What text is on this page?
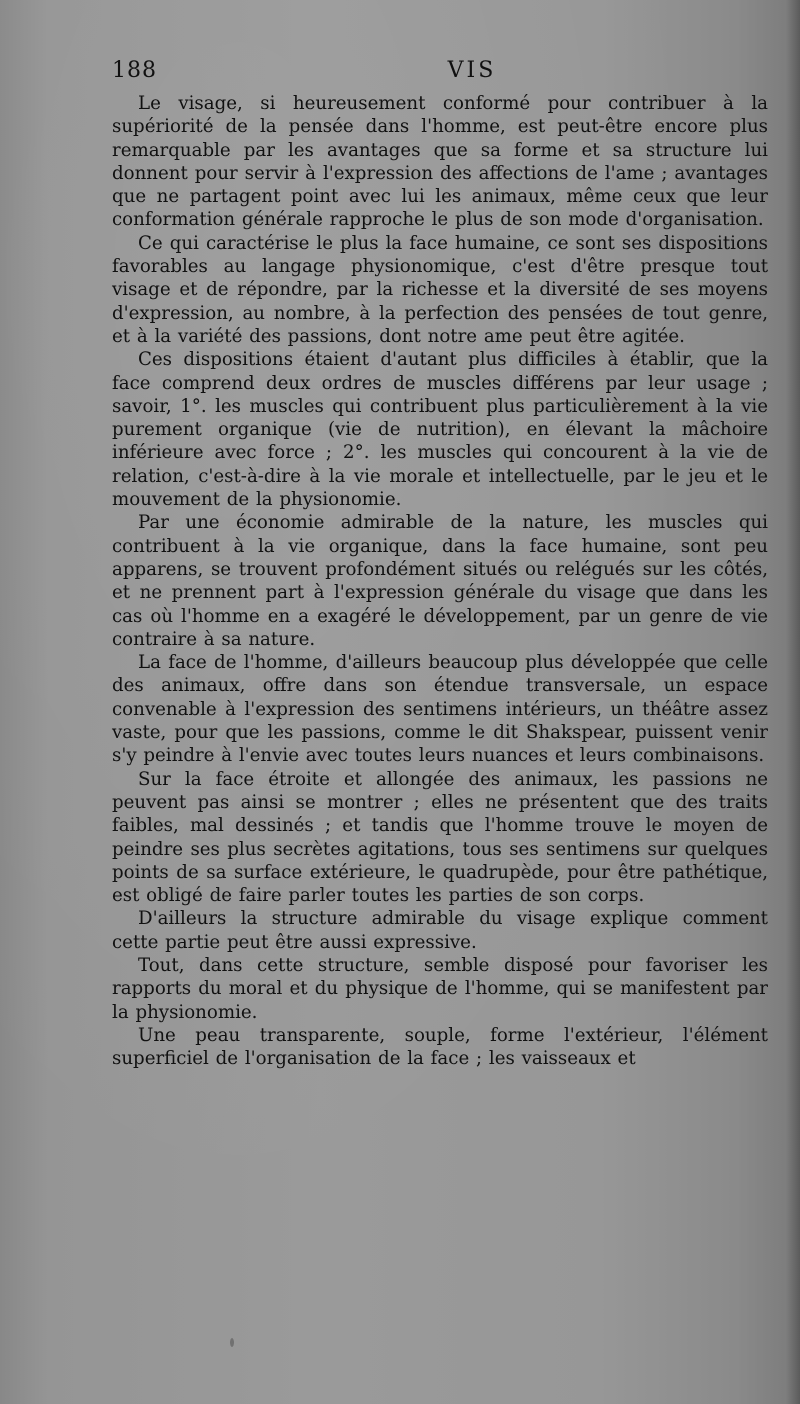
188	VIS

Le visage, si heureusement conformé pour contribuer à la supériorité de la pensée dans l'homme, est peut-être encore plus remarquable par les avantages que sa forme et sa structure lui donnent pour servir à l'expression des affections de l'ame ; avantages que ne partagent point avec lui les animaux, même ceux que leur conformation générale rapproche le plus de son mode d'organisation.

Ce qui caractérise le plus la face humaine, ce sont ses dispositions favorables au langage physionomique, c'est d'être presque tout visage et de répondre, par la richesse et la diversité de ses moyens d'expression, au nombre, à la perfection des pensées de tout genre, et à la variété des passions, dont notre ame peut être agitée.

Ces dispositions étaient d'autant plus difficiles à établir, que la face comprend deux ordres de muscles différens par leur usage ; savoir, 1°. les muscles qui contribuent plus particulièrement à la vie purement organique (vie de nutrition), en élevant la mâchoire inférieure avec force ; 2°. les muscles qui concourent à la vie de relation, c'est-à-dire à la vie morale et intellectuelle, par le jeu et le mouvement de la physionomie.

Par une économie admirable de la nature, les muscles qui contribuent à la vie organique, dans la face humaine, sont peu apparens, se trouvent profondément situés ou relégués sur les côtés, et ne prennent part à l'expression générale du visage que dans les cas où l'homme en a exagéré le développement, par un genre de vie contraire à sa nature.

La face de l'homme, d'ailleurs beaucoup plus développée que celle des animaux, offre dans son étendue transversale, un espace convenable à l'expression des sentimens intérieurs, un théâtre assez vaste, pour que les passions, comme le dit Shakspear, puissent venir s'y peindre à l'envie avec toutes leurs nuances et leurs combinaisons.

Sur la face étroite et allongée des animaux, les passions ne peuvent pas ainsi se montrer ; elles ne présentent que des traits faibles, mal dessinés ; et tandis que l'homme trouve le moyen de peindre ses plus secrètes agitations, tous ses sentimens sur quelques points de sa surface extérieure, le quadrupède, pour être pathétique, est obligé de faire parler toutes les parties de son corps.

D'ailleurs la structure admirable du visage explique comment cette partie peut être aussi expressive.

Tout, dans cette structure, semble disposé pour favoriser les rapports du moral et du physique de l'homme, qui se manifestent par la physionomie.

Une peau transparente, souple, forme l'extérieur, l'élément superficiel de l'organisation de la face ; les vaisseaux et
